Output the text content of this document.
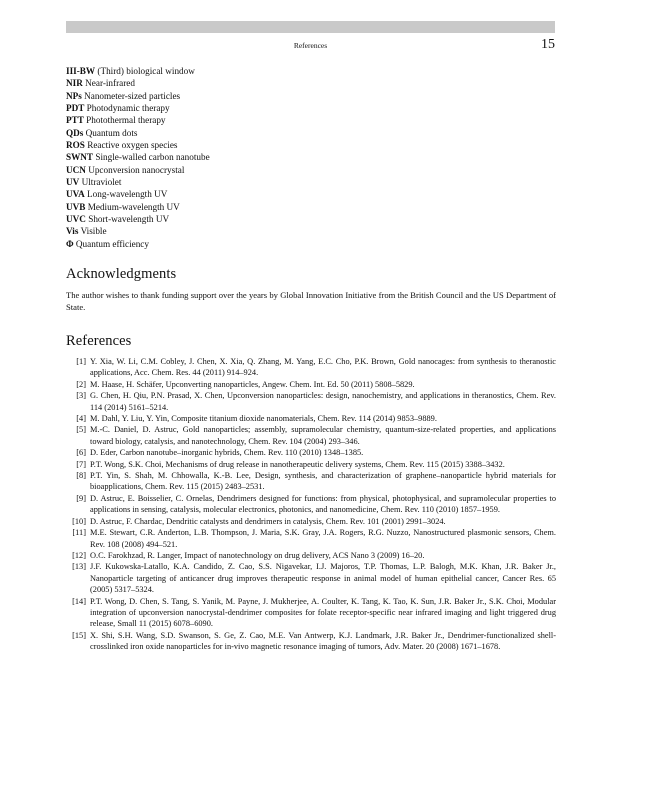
References	15
III-BW (Third) biological window
NIR Near-infrared
NPs Nanometer-sized particles
PDT Photodynamic therapy
PTT Photothermal therapy
QDs Quantum dots
ROS Reactive oxygen species
SWNT Single-walled carbon nanotube
UCN Upconversion nanocrystal
UV Ultraviolet
UVA Long-wavelength UV
UVB Medium-wavelength UV
UVC Short-wavelength UV
Vis Visible
Φ Quantum efficiency
Acknowledgments

The author wishes to thank funding support over the years by Global Innovation Initiative from the British Council and the US Department of State.

References
[1] Y. Xia, W. Li, C.M. Cobley, J. Chen, X. Xia, Q. Zhang, M. Yang, E.C. Cho, P.K. Brown, Gold nanocages: from synthesis to theranostic applications, Acc. Chem. Res. 44 (2011) 914–924.
[2] M. Haase, H. Schäfer, Upconverting nanoparticles, Angew. Chem. Int. Ed. 50 (2011) 5808–5829.
[3] G. Chen, H. Qiu, P.N. Prasad, X. Chen, Upconversion nanoparticles: design, nanochemistry, and applications in theranostics, Chem. Rev. 114 (2014) 5161–5214.
[4] M. Dahl, Y. Liu, Y. Yin, Composite titanium dioxide nanomaterials, Chem. Rev. 114 (2014) 9853–9889.
[5] M.-C. Daniel, D. Astruc, Gold nanoparticles; assembly, supramolecular chemistry, quantum-size-related properties, and applications toward biology, catalysis, and nanotechnology, Chem. Rev. 104 (2004) 293–346.
[6] D. Eder, Carbon nanotube–inorganic hybrids, Chem. Rev. 110 (2010) 1348–1385.
[7] P.T. Wong, S.K. Choi, Mechanisms of drug release in nanotherapeutic delivery systems, Chem. Rev. 115 (2015) 3388–3432.
[8] P.T. Yin, S. Shah, M. Chhowalla, K.-B. Lee, Design, synthesis, and characterization of graphene–nanoparticle hybrid materials for bioapplications, Chem. Rev. 115 (2015) 2483–2531.
[9] D. Astruc, E. Boisselier, C. Ornelas, Dendrimers designed for functions: from physical, photophysical, and supramolecular properties to applications in sensing, catalysis, molecular electronics, photonics, and nanomedicine, Chem. Rev. 110 (2010) 1857–1959.
[10] D. Astruc, F. Chardac, Dendritic catalysts and dendrimers in catalysis, Chem. Rev. 101 (2001) 2991–3024.
[11] M.E. Stewart, C.R. Anderton, L.B. Thompson, J. Maria, S.K. Gray, J.A. Rogers, R.G. Nuzzo, Nanostructured plasmonic sensors, Chem. Rev. 108 (2008) 494–521.
[12] O.C. Farokhzad, R. Langer, Impact of nanotechnology on drug delivery, ACS Nano 3 (2009) 16–20.
[13] J.F. Kukowska-Latallo, K.A. Candido, Z. Cao, S.S. Nigavekar, I.J. Majoros, T.P. Thomas, L.P. Balogh, M.K. Khan, J.R. Baker Jr., Nanoparticle targeting of anticancer drug improves therapeutic response in animal model of human epithelial cancer, Cancer Res. 65 (2005) 5317–5324.
[14] P.T. Wong, D. Chen, S. Tang, S. Yanik, M. Payne, J. Mukherjee, A. Coulter, K. Tang, K. Tao, K. Sun, J.R. Baker Jr., S.K. Choi, Modular integration of upconversion nanocrystal-dendrimer composites for folate receptor-specific near infrared imaging and light triggered drug release, Small 11 (2015) 6078–6090.
[15] X. Shi, S.H. Wang, S.D. Swanson, S. Ge, Z. Cao, M.E. Van Antwerp, K.J. Landmark, J.R. Baker Jr., Dendrimer-functionalized shell-crosslinked iron oxide nanoparticles for in-vivo magnetic resonance imaging of tumors, Adv. Mater. 20 (2008) 1671–1678.
